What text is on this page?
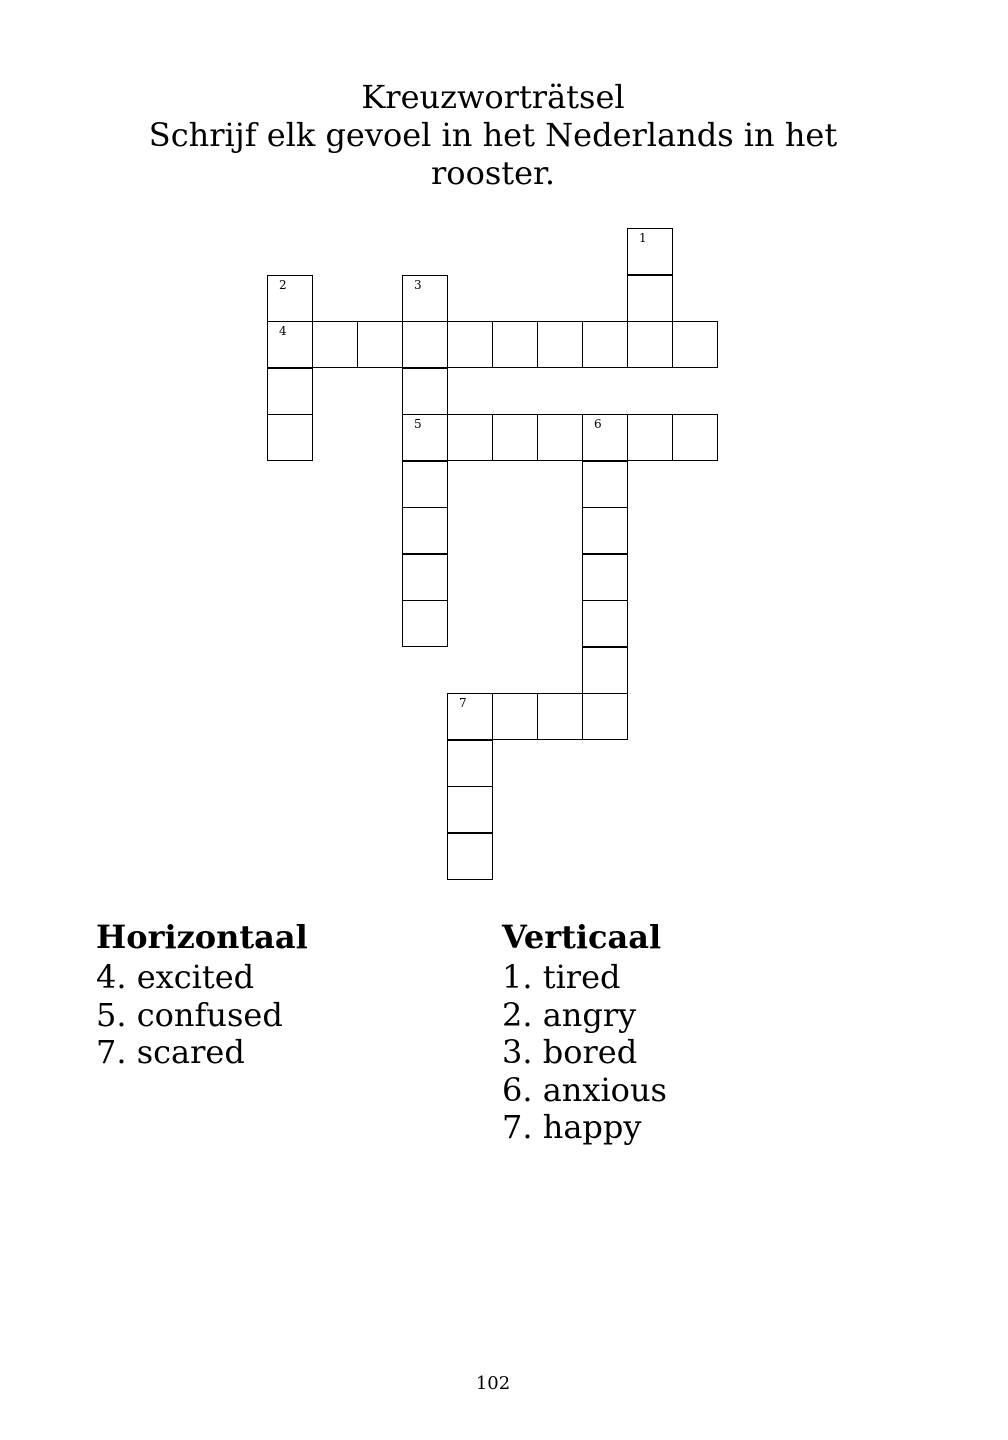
Kreuzworträtsel
Schrijf elk gevoel in het Nederlands in het rooster.
4
5	6
7
1
2	3
Horizontaal
4. excited
5. confused
7. scared
Verticaal
1. tired
2. angry
3. bored
6. anxious
7. happy
102
